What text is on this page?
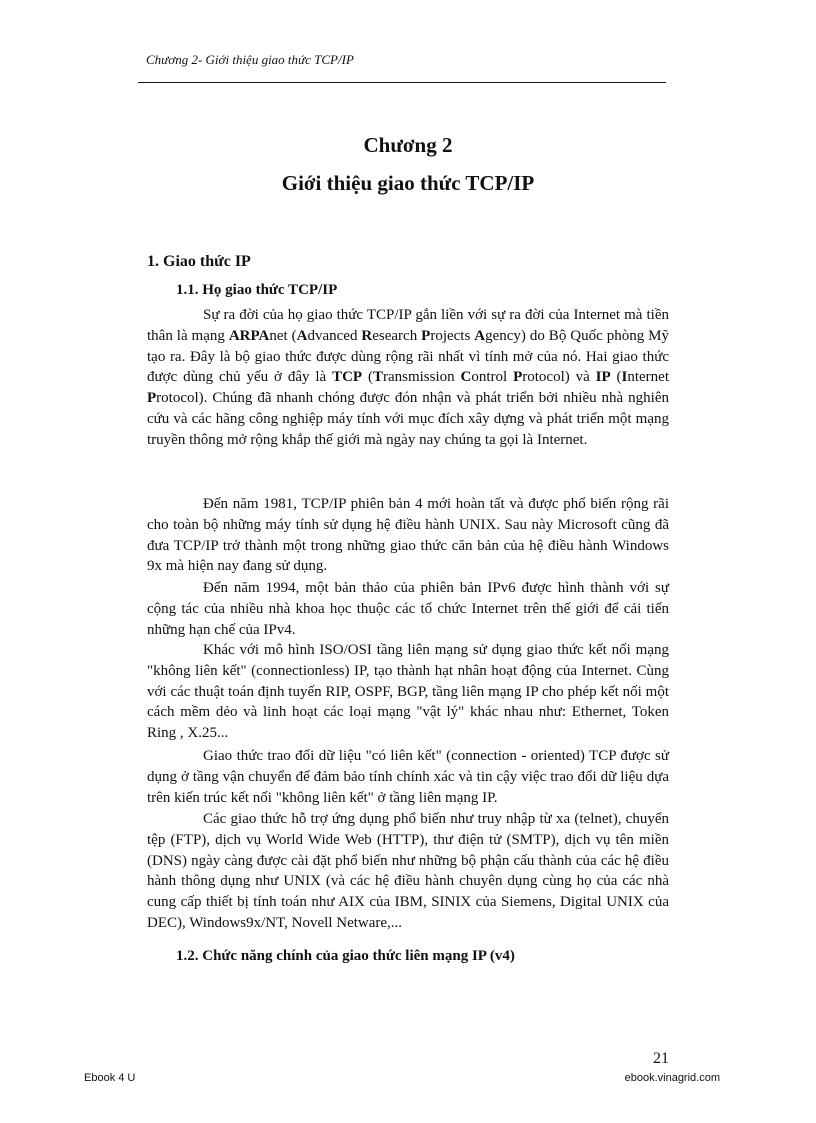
Chương 2- Giới thiệu giao thức TCP/IP
Chương 2
Giới thiệu giao thức TCP/IP
1. Giao thức IP
1.1. Họ giao thức TCP/IP

Sự ra đời của họ giao thức TCP/IP gắn liền với sự ra đời của Internet mà tiền thân là mạng ARPAnet (Advanced Research Projects Agency) do Bộ Quốc phòng Mỹ tạo ra. Đây là bộ giao thức được dùng rộng rãi nhất vì tính mở của nó. Hai giao thức được dùng chủ yếu ở đây là TCP (Transmission Control Protocol) và IP (Internet Protocol). Chúng đã nhanh chóng được đón nhận và phát triển bởi nhiều nhà nghiên cứu và các hãng công nghiệp máy tính với mục đích xây dựng và phát triển một mạng truyền thông mở rộng khắp thế giới mà ngày nay chúng ta gọi là Internet.

Đến năm 1981, TCP/IP phiên bản 4 mới hoàn tất và được phổ biến rộng rãi cho toàn bộ những máy tính sử dụng hệ điều hành UNIX. Sau này Microsoft cũng đã đưa TCP/IP trở thành một trong những giao thức căn bản của hệ điều hành Windows 9x mà hiện nay đang sử dụng.

Đến năm 1994, một bản thảo của phiên bản IPv6 được hình thành với sự cộng tác của nhiều nhà khoa học thuộc các tổ chức Internet trên thế giới để cải tiến những hạn chế của IPv4.

Khác với mô hình ISO/OSI tầng liên mạng sử dụng giao thức kết nối mạng "không liên kết" (connectionless) IP, tạo thành hạt nhân hoạt động của Internet. Cùng với các thuật toán định tuyến RIP, OSPF, BGP, tầng liên mạng IP cho phép kết nối một cách mềm dẻo và linh hoạt các loại mạng "vật lý" khác nhau như: Ethernet, Token Ring , X.25...

Giao thức trao đổi dữ liệu "có liên kết" (connection - oriented) TCP được sử dụng ở tầng vận chuyển để đảm bảo tính chính xác và tin cậy việc trao đổi dữ liệu dựa trên kiến trúc kết nối "không liên kết" ở tầng liên mạng IP.

Các giao thức hỗ trợ ứng dụng phổ biến như truy nhập từ xa (telnet), chuyển tệp (FTP), dịch vụ World Wide Web (HTTP), thư điện tử (SMTP), dịch vụ tên miền (DNS) ngày càng được cài đặt phổ biến như những bộ phận cấu thành của các hệ điều hành thông dụng như UNIX (và các hệ điều hành chuyên dụng cùng họ của các nhà cung cấp thiết bị tính toán như AIX của IBM, SINIX của Siemens, Digital UNIX của DEC), Windows9x/NT, Novell Netware,...

1.2. Chức năng chính của giao thức liên mạng IP (v4)
21
Ebook 4 U	ebook.vinagrid.com
